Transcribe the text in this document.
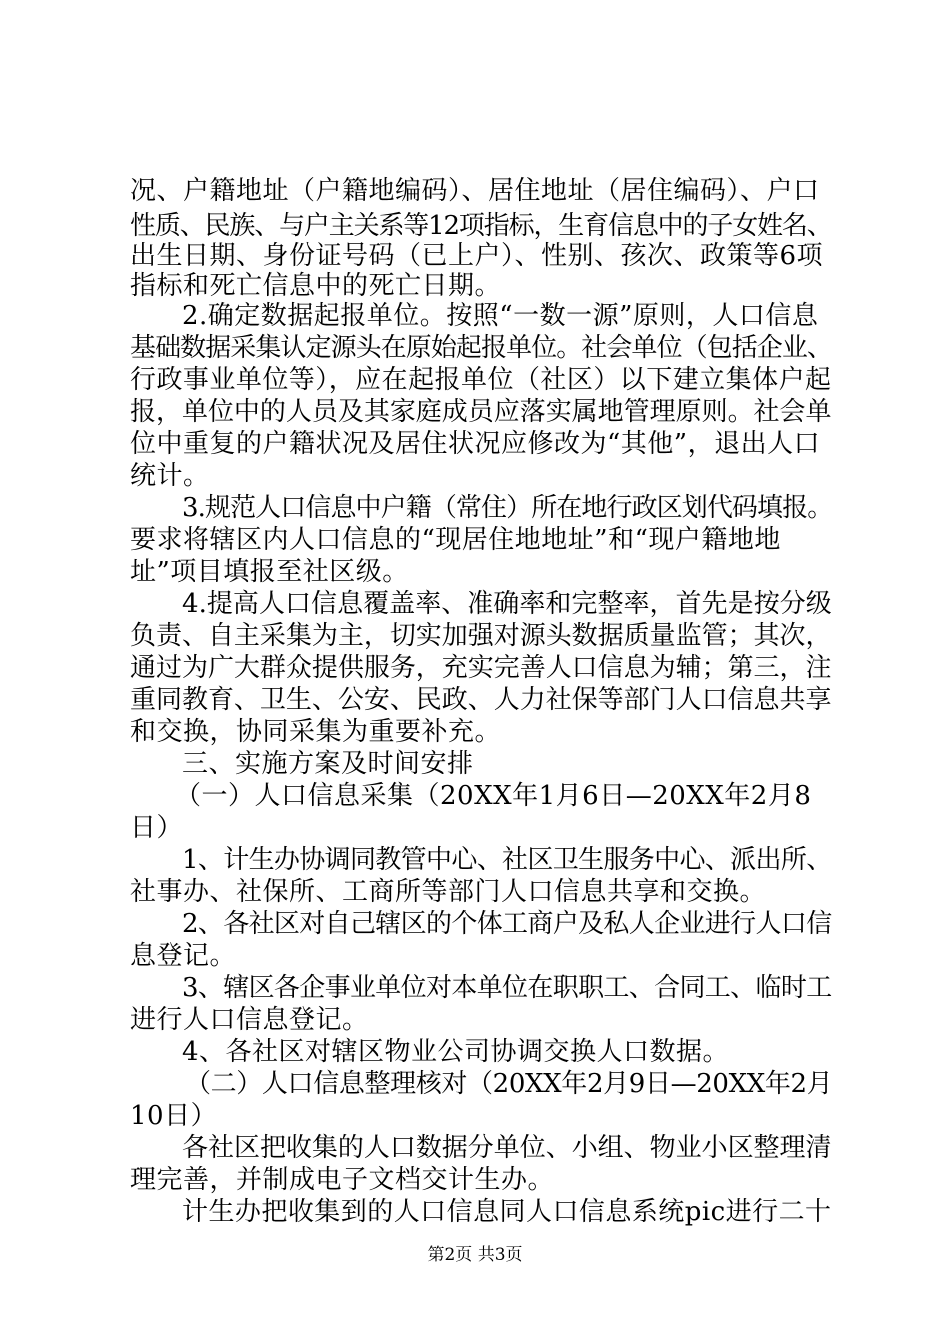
况、户籍地址（户籍地编码）、居住地址（居住编码）、户口
性质、民族、与户主关系等12项指标，生育信息中的子女姓名、
出生日期、身份证号码（已上户）、性别、孩次、政策等6项
指标和死亡信息中的死亡日期。
2.确定数据起报单位。按照“一数一源”原则，人口信息
基础数据采集认定源头在原始起报单位。社会单位（包括企业、
行政事业单位等），应在起报单位（社区）以下建立集体户起
报，单位中的人员及其家庭成员应落实属地管理原则。社会单
位中重复的户籍状况及居住状况应修改为“其他”，退出人口
统计。
3.规范人口信息中户籍（常住）所在地行政区划代码填报。
要求将辖区内人口信息的“现居住地地址”和“现户籍地地
址”项目填报至社区级。
4.提高人口信息覆盖率、准确率和完整率，首先是按分级
负责、自主采集为主，切实加强对源头数据质量监管；其次，
通过为广大群众提供服务，充实完善人口信息为辅；第三，注
重同教育、卫生、公安、民政、人力社保等部门人口信息共享
和交换，协同采集为重要补充。
三、实施方案及时间安排
（一）人口信息采集（20XX年1月6日—20XX年2月8
日）
1、计生办协调同教管中心、社区卫生服务中心、派出所、
社事办、社保所、工商所等部门人口信息共享和交换。
2、各社区对自己辖区的个体工商户及私人企业进行人口信
息登记。
3、辖区各企事业单位对本单位在职职工、合同工、临时工
进行人口信息登记。
4、各社区对辖区物业公司协调交换人口数据。
（二）人口信息整理核对（20XX年2月9日—20XX年2月
10日）
各社区把收集的人口数据分单位、小组、物业小区整理清
理完善，并制成电子文档交计生办。
计生办把收集到的人口信息同人口信息系统pic进行二十
第2页 共3页
